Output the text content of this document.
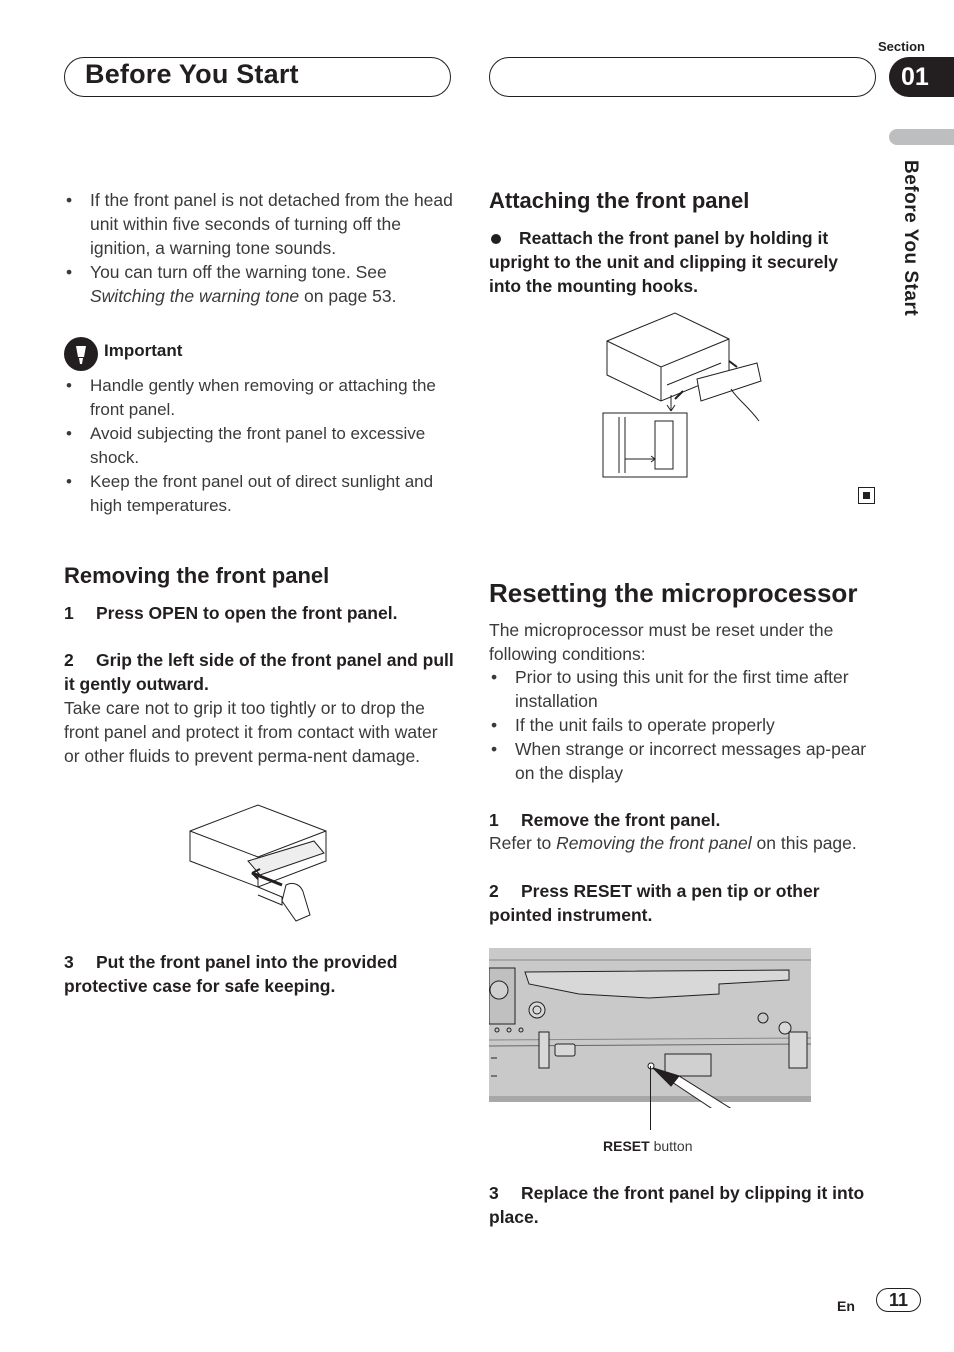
Before You Start
Section
01
Before You Start
• If the front panel is not detached from the head unit within five seconds of turning off the ignition, a warning tone sounds.
• You can turn off the warning tone. See Switching the warning tone on page 53.
Important
• Handle gently when removing or attaching the front panel.
• Avoid subjecting the front panel to excessive shock.
• Keep the front panel out of direct sunlight and high temperatures.
Removing the front panel
1 Press OPEN to open the front panel.
2 Grip the left side of the front panel and pull it gently outward.
Take care not to grip it too tightly or to drop the front panel and protect it from contact with water or other fluids to prevent perma-nent damage.
3 Put the front panel into the provided protective case for safe keeping.
Attaching the front panel
Reattach the front panel by holding it upright to the unit and clipping it securely into the mounting hooks.
Resetting the microprocessor
The microprocessor must be reset under the following conditions:
• Prior to using this unit for the first time after installation
• If the unit fails to operate properly
• When strange or incorrect messages ap-pear on the display
1 Remove the front panel.
Refer to Removing the front panel on this page.
2 Press RESET with a pen tip or other pointed instrument.
RESET button
3 Replace the front panel by clipping it into place.
En	11
